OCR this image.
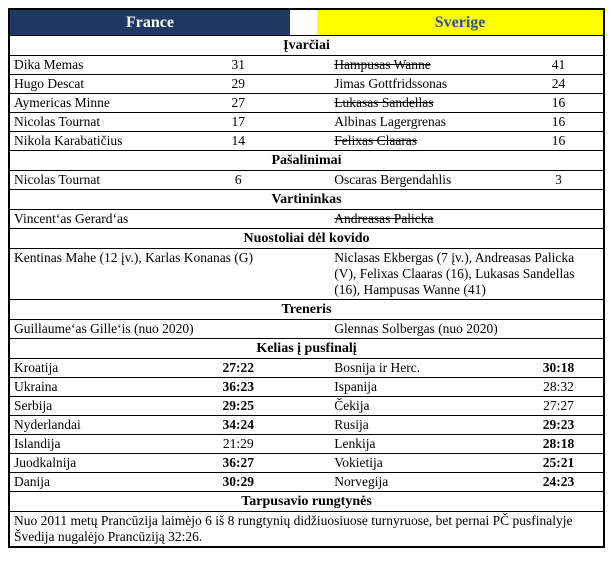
France	Sverige
Įvarčiai
Dika Memas	31	Hampusas Wanne	41
Hugo Descat	29	Jimas Gottfridssonas	24
Aymericas Minne	27	Lukasas Sandellas	16
Nicolas Tournat	17	Albinas Lagergrenas	16
Nikola Karabatičius	14	Felixas Claaras	16
Pašalinimai
Nicolas Tournat	6	Oscaras Bergendahlis	3
Vartininkas
Vincent‘as Gerard‘as	Andreasas Palicka
Nuostoliai dėl kovido
Kentinas Mahe (12 įv.), Karlas Konanas (G)	Niclasas Ekbergas (7 įv.), Andreasas Palicka (V), Felixas Claaras (16), Lukasas Sandellas (16), Hampusas Wanne (41)
Treneris
Guillaume‘as Gille‘is (nuo 2020)	Glennas Solbergas (nuo 2020)
Kelias į pusfinalį
Kroatija	27:22	Bosnija ir Herc.	30:18
Ukraina	36:23	Ispanija	28:32
Serbija	29:25	Čekija	27:27
Nyderlandai	34:24	Rusija	29:23
Islandija	21:29	Lenkija	28:18
Juodkalnija	36:27	Vokietija	25:21
Danija	30:29	Norvegija	24:23
Tarpusavio rungtynės
Nuo 2011 metų Prancūzija laimėjo 6 iš 8 rungtynių didžiuosiuose turnyruose, bet pernai PČ pusfinalyje Švedija nugalėjo Prancūziją 32:26.
